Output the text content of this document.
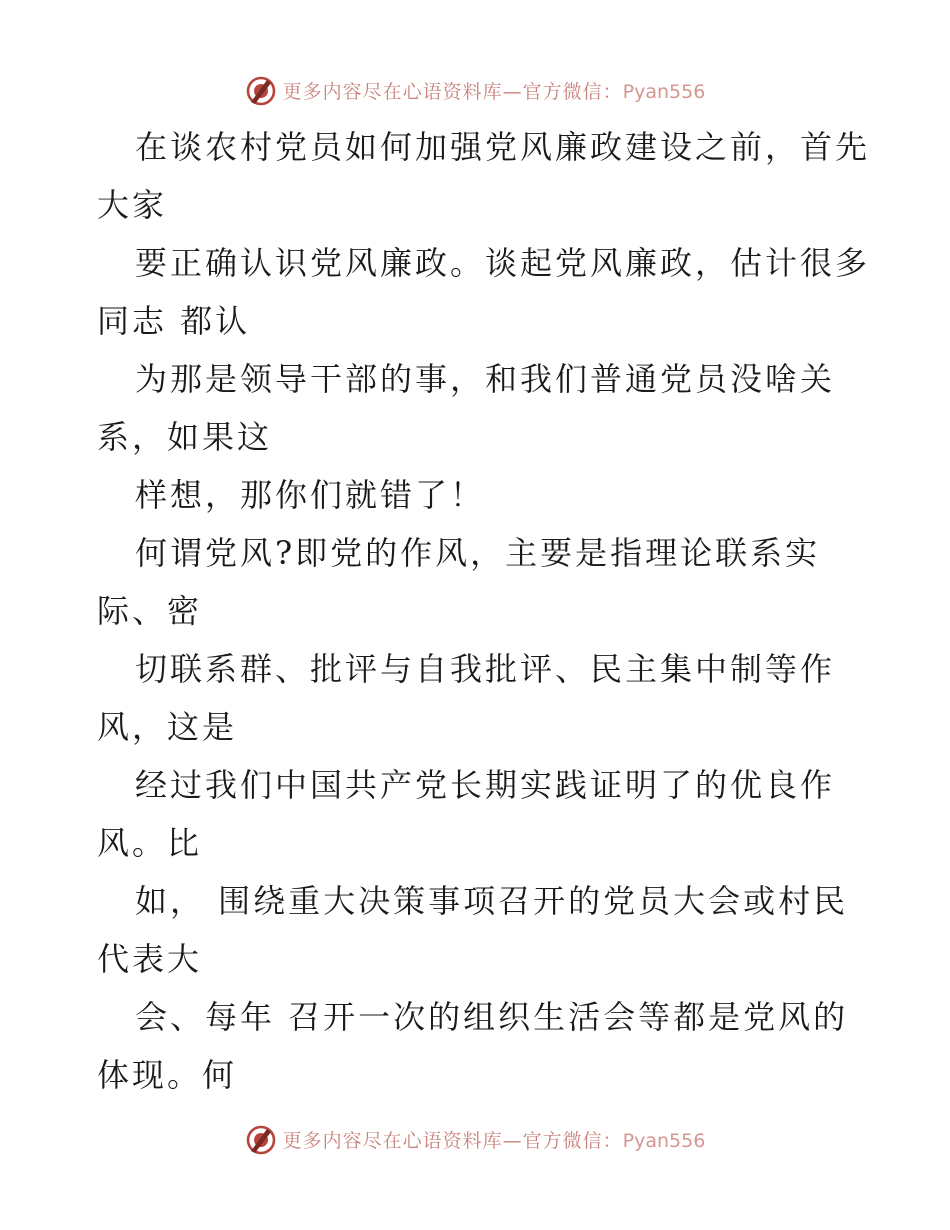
更多内容尽在心语资料库—官方微信：Pyan556
在谈农村党员如何加强党风廉政建设之前，首先
大家
要正确认识党风廉政。谈起党风廉政，估计很多
同志 都认
为那是领导干部的事，和我们普通党员没啥关
系，如果这
样想，那你们就错了！
何谓党风?即党的作风，主要是指理论联系实
际、密
切联系群、批评与自我批评、民主集中制等作
风，这是
经过我们中国共产党长期实践证明了的优良作
风。比
如， 围绕重大决策事项召开的党员大会或村民
代表大
会、每年 召开一次的组织生活会等都是党风的
体现。何
更多内容尽在心语资料库—官方微信：Pyan556
